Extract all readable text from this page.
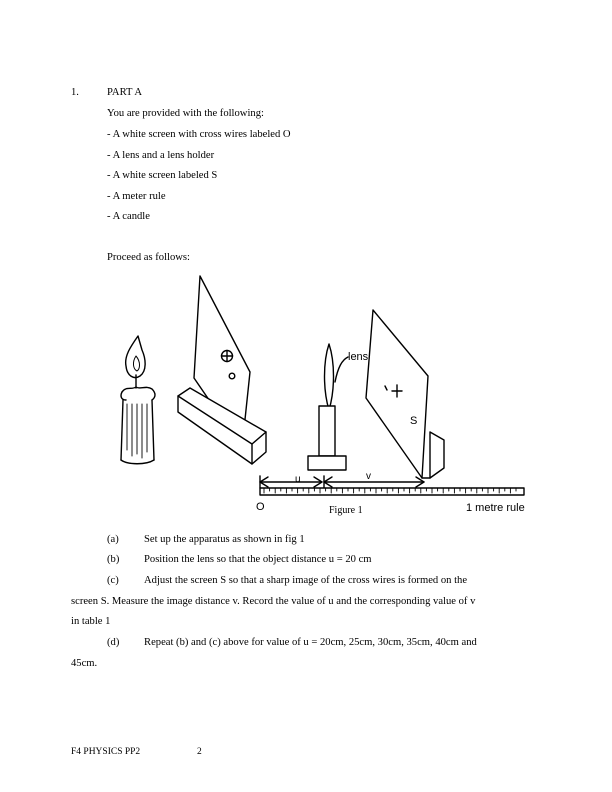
1.	PART A
You are provided with the following:
- A white screen with cross wires labeled O
- A lens and a lens holder
- A white screen labeled S
- A meter rule
- A candle
Proceed as follows:
lens
S
u	v
O	Figure 1	1 metre rule
(a) Set up the apparatus as shown in fig 1
(b) Position the lens so that the object distance u = 20 cm
(c) Adjust the screen S so that a sharp image of the cross wires is formed on the
screen S. Measure the image distance v. Record the value of u and the corresponding value of v
in table 1
(d) Repeat (b) and (c) above for value of u = 20cm, 25cm, 30cm, 35cm, 40cm and
45cm.
F4 PHYSICS PP2	2
